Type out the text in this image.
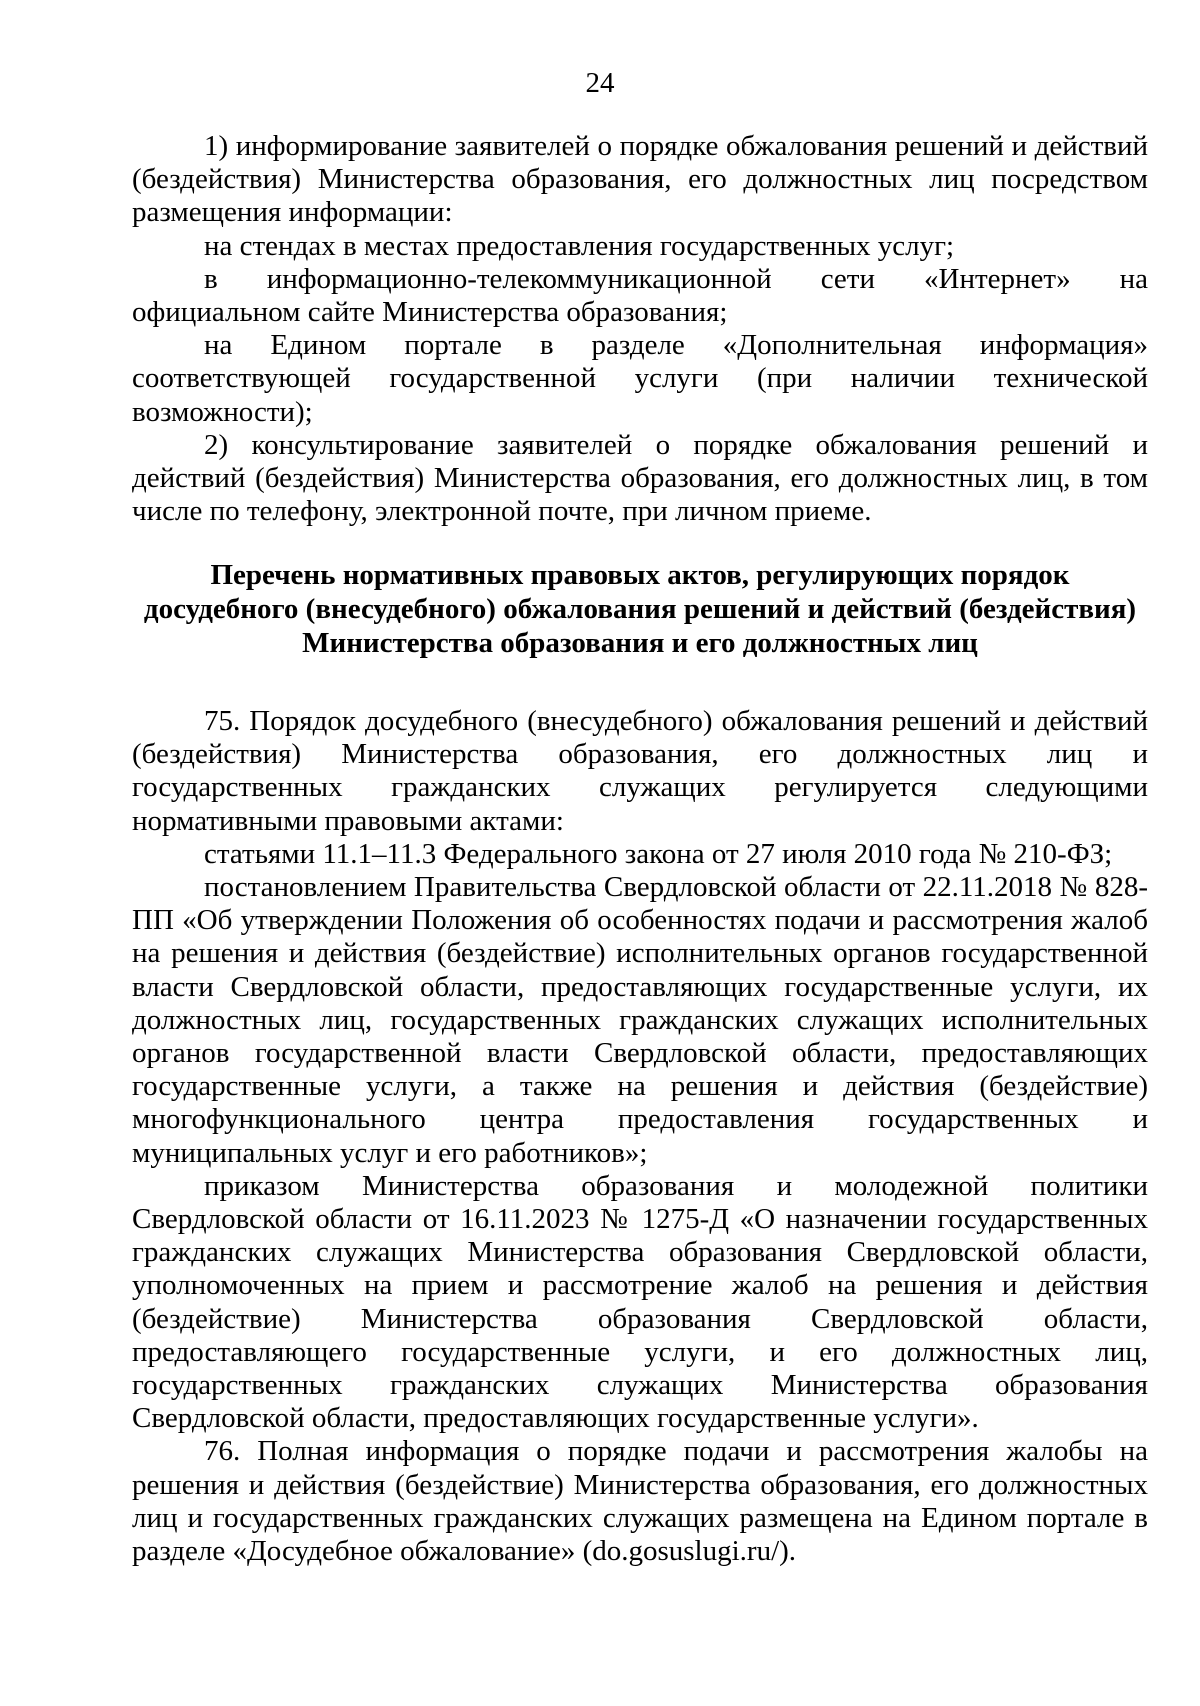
24

1) информирование заявителей о порядке обжалования решений и действий (бездействия) Министерства образования, его должностных лиц посредством размещения информации:

на стендах в местах предоставления государственных услуг;

в информационно-телекоммуникационной сети «Интернет» на официальном сайте Министерства образования;

на Едином портале в разделе «Дополнительная информация» соответствующей государственной услуги (при наличии технической возможности);

2) консультирование заявителей о порядке обжалования решений и действий (бездействия) Министерства образования, его должностных лиц, в том числе по телефону, электронной почте, при личном приеме.

Перечень нормативных правовых актов, регулирующих порядок досудебного (внесудебного) обжалования решений и действий (бездействия) Министерства образования и его должностных лиц

75. Порядок досудебного (внесудебного) обжалования решений и действий (бездействия) Министерства образования, его должностных лиц и государственных гражданских служащих регулируется следующими нормативными правовыми актами:

статьями 11.1–11.3 Федерального закона от 27 июля 2010 года № 210-ФЗ;

постановлением Правительства Свердловской области от 22.11.2018 № 828-ПП «Об утверждении Положения об особенностях подачи и рассмотрения жалоб на решения и действия (бездействие) исполнительных органов государственной власти Свердловской области, предоставляющих государственные услуги, их должностных лиц, государственных гражданских служащих исполнительных органов государственной власти Свердловской области, предоставляющих государственные услуги, а также на решения и действия (бездействие) многофункционального центра предоставления государственных и муниципальных услуг и его работников»;

приказом Министерства образования и молодежной политики Свердловской области от 16.11.2023 № 1275-Д «О назначении государственных гражданских служащих Министерства образования Свердловской области, уполномоченных на прием и рассмотрение жалоб на решения и действия (бездействие) Министерства образования Свердловской области, предоставляющего государственные услуги, и его должностных лиц, государственных гражданских служащих Министерства образования Свердловской области, предоставляющих государственные услуги».

76. Полная информация о порядке подачи и рассмотрения жалобы на решения и действия (бездействие) Министерства образования, его должностных лиц и государственных гражданских служащих размещена на Едином портале в разделе «Досудебное обжалование» (do.gosuslugi.ru/).
